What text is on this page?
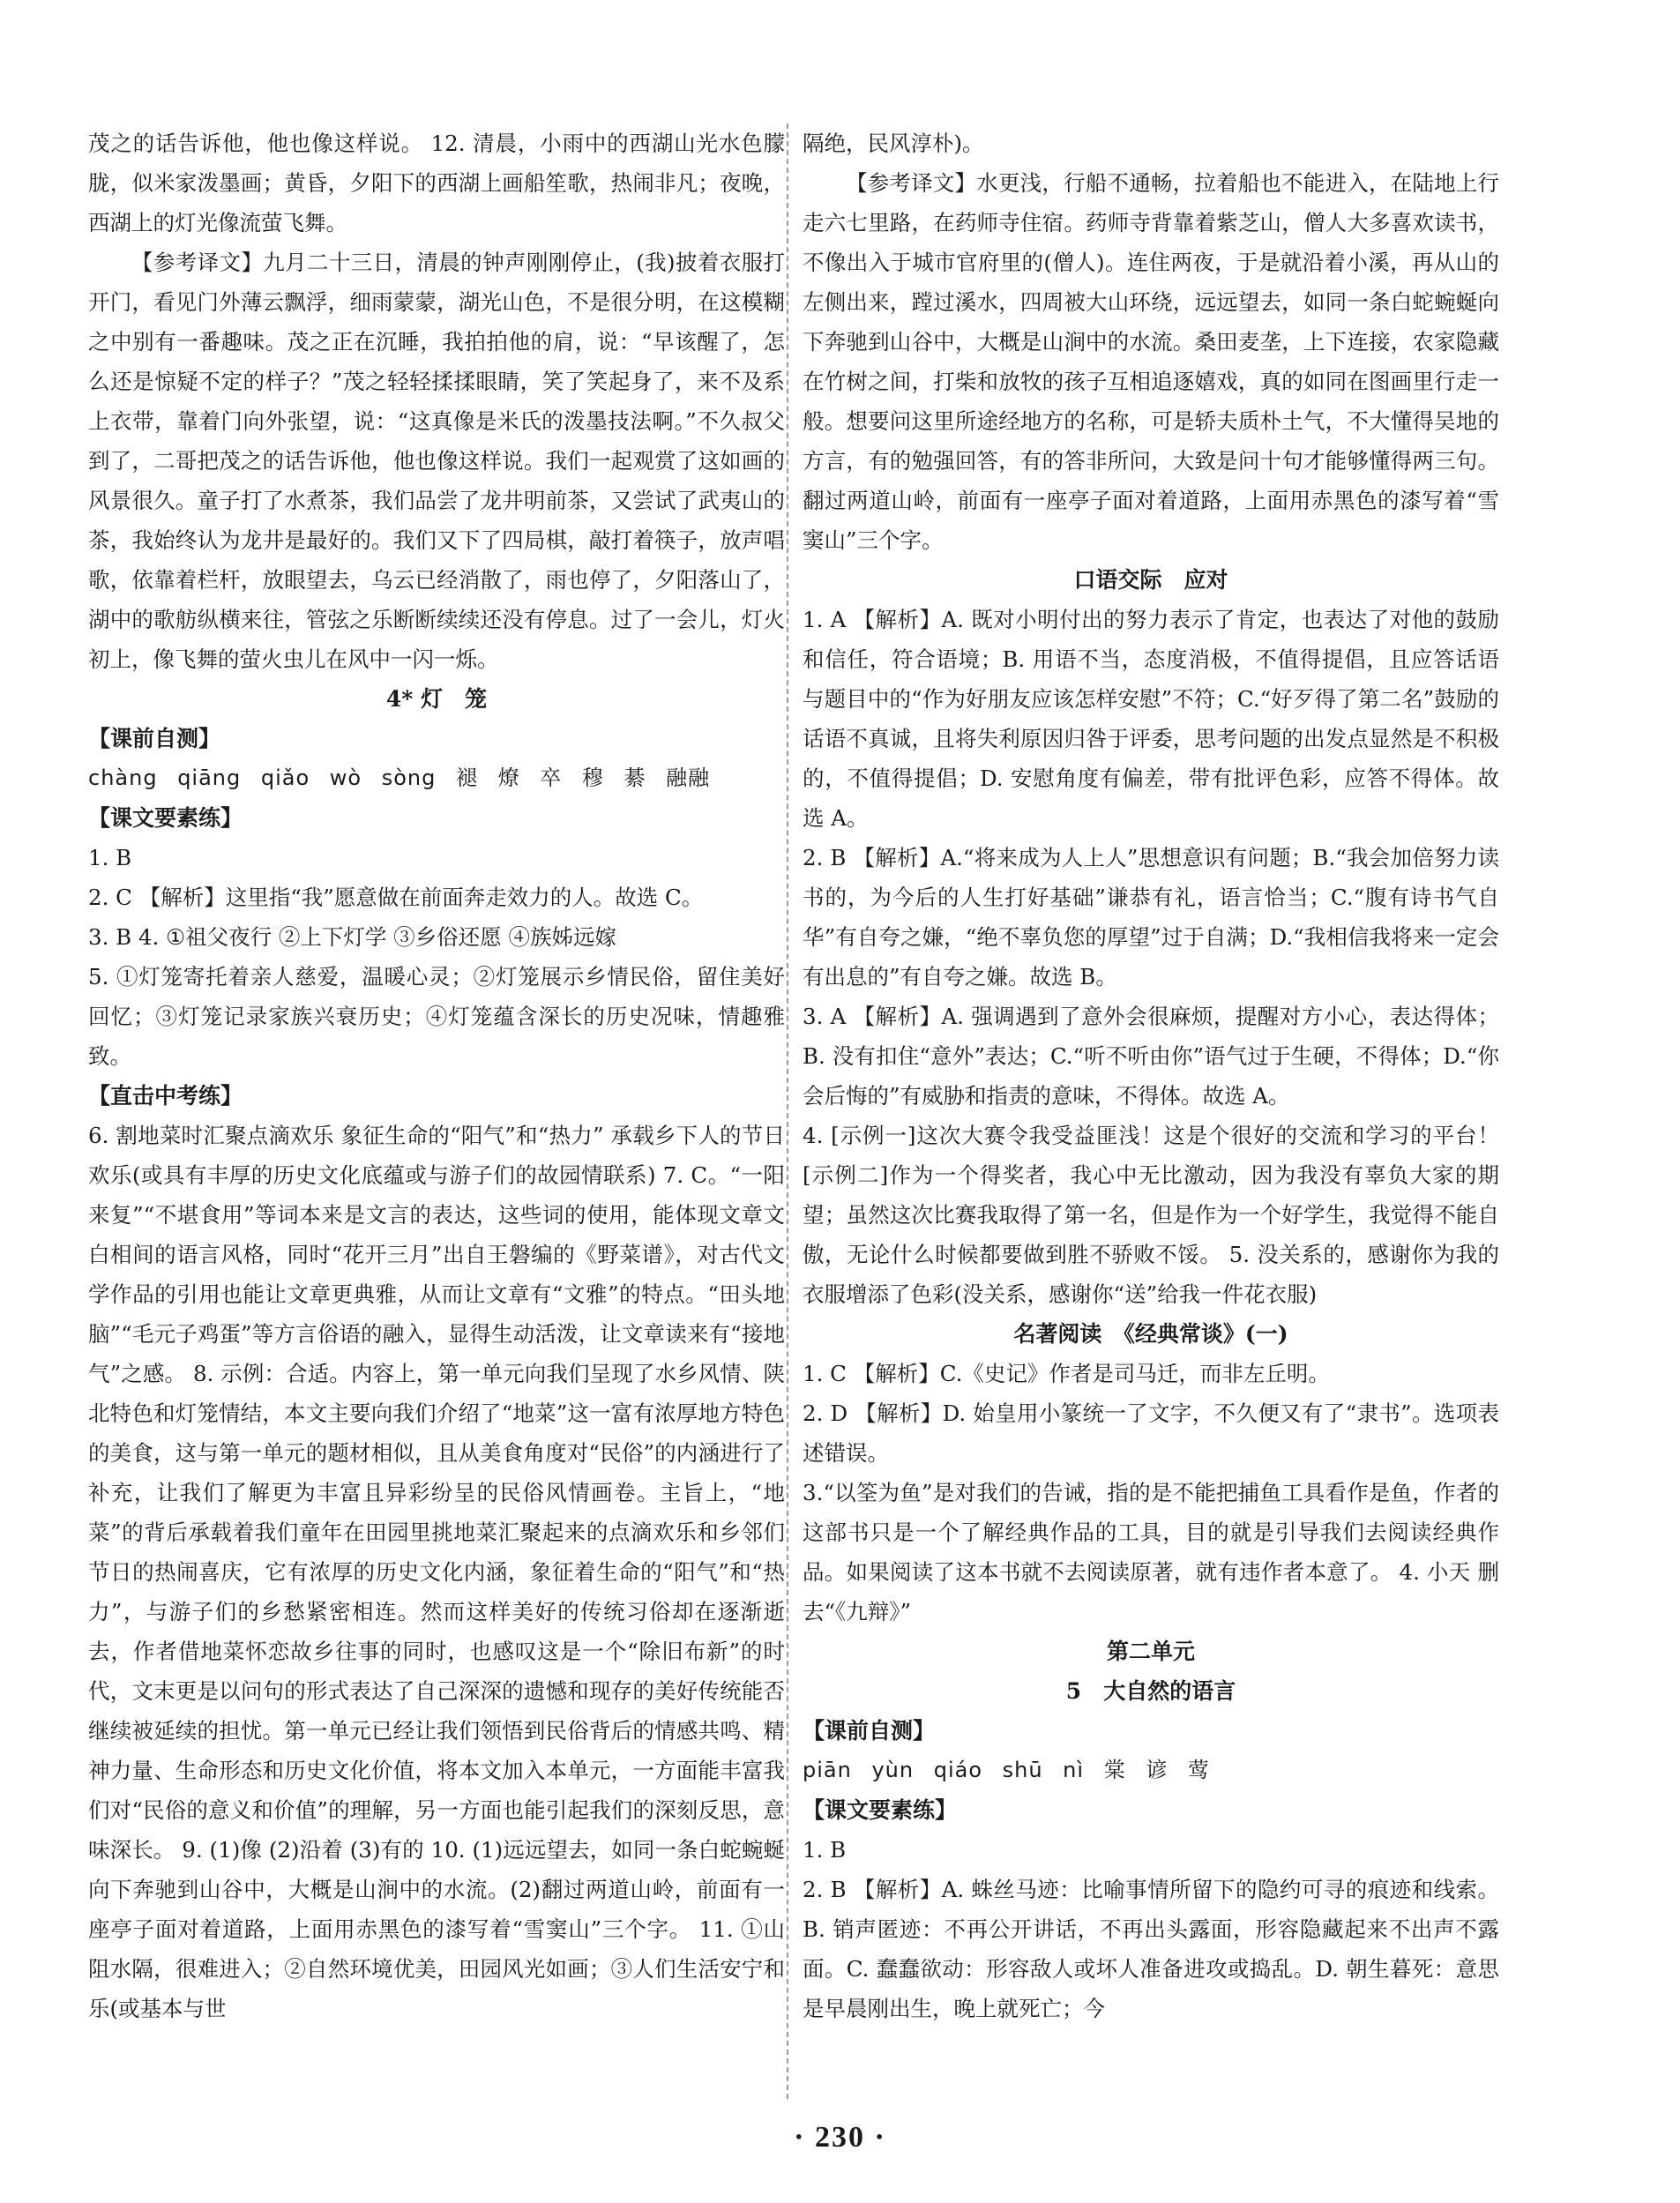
茂之的话告诉他，他也像这样说。 12. 清晨，小雨中的西湖山光水色朦胧，似米家泼墨画；黄昏，夕阳下的西湖上画船笙歌，热闹非凡；夜晚，西湖上的灯光像流萤飞舞。

【参考译文】九月二十三日，清晨的钟声刚刚停止，(我)披着衣服打开门，看见门外薄云飘浮，细雨蒙蒙，湖光山色，不是很分明，在这模糊之中别有一番趣味。茂之正在沉睡，我拍拍他的肩，说：“早该醒了，怎么还是惊疑不定的样子？”茂之轻轻揉揉眼睛，笑了笑起身了，来不及系上衣带，靠着门向外张望，说：“这真像是米氏的泼墨技法啊。”不久叔父到了，二哥把茂之的话告诉他，他也像这样说。我们一起观赏了这如画的风景很久。童子打了水煮茶，我们品尝了龙井明前茶，又尝试了武夷山的茶，我始终认为龙井是最好的。我们又下了四局棋，敲打着筷子，放声唱歌，依靠着栏杆，放眼望去，乌云已经消散了，雨也停了，夕阳落山了，湖中的歌舫纵横来往，管弦之乐断断续续还没有停息。过了一会儿，灯火初上，像飞舞的萤火虫儿在风中一闪一烁。

4* 灯　笼

【课前自测】

chàng qiāng qiǎo wò sòng 褪 燎 卒 穆 綦 融融

【课文要素练】

1. B

2. C 【解析】这里指“我”愿意做在前面奔走效力的人。故选 C。

3. B 4. ①祖父夜行 ②上下灯学 ③乡俗还愿 ④族姊远嫁

5. ①灯笼寄托着亲人慈爱，温暖心灵；②灯笼展示乡情民俗，留住美好回忆；③灯笼记录家族兴衰历史；④灯笼蕴含深长的历史况味，情趣雅致。

【直击中考练】

6. 割地菜时汇聚点滴欢乐 象征生命的“阳气”和“热力” 承载乡下人的节日欢乐(或具有丰厚的历史文化底蕴或与游子们的故园情联系) 7. C。“一阳来复”“不堪食用”等词本来是文言的表达，这些词的使用，能体现文章文白相间的语言风格，同时“花开三月”出自王磐编的《野菜谱》，对古代文学作品的引用也能让文章更典雅，从而让文章有“文雅”的特点。“田头地脑”“毛元子鸡蛋”等方言俗语的融入，显得生动活泼，让文章读来有“接地气”之感。 8. 示例：合适。内容上，第一单元向我们呈现了水乡风情、陕北特色和灯笼情结，本文主要向我们介绍了“地菜”这一富有浓厚地方特色的美食，这与第一单元的题材相似，且从美食角度对“民俗”的内涵进行了补充，让我们了解更为丰富且异彩纷呈的民俗风情画卷。主旨上，“地菜”的背后承载着我们童年在田园里挑地菜汇聚起来的点滴欢乐和乡邻们节日的热闹喜庆，它有浓厚的历史文化内涵，象征着生命的“阳气”和“热力”，与游子们的乡愁紧密相连。然而这样美好的传统习俗却在逐渐逝去，作者借地菜怀恋故乡往事的同时，也感叹这是一个“除旧布新”的时代，文末更是以问句的形式表达了自己深深的遗憾和现存的美好传统能否继续被延续的担忧。第一单元已经让我们领悟到民俗背后的情感共鸣、精神力量、生命形态和历史文化价值，将本文加入本单元，一方面能丰富我们对“民俗的意义和价值”的理解，另一方面也能引起我们的深刻反思，意味深长。 9. (1)像 (2)沿着 (3)有的 10. (1)远远望去，如同一条白蛇蜿蜒向下奔驰到山谷中，大概是山涧中的水流。(2)翻过两道山岭，前面有一座亭子面对着道路，上面用赤黑色的漆写着“雪窦山”三个字。 11. ①山阻水隔，很难进入；②自然环境优美，田园风光如画；③人们生活安宁和乐(或基本与世

隔绝，民风淳朴)。

【参考译文】水更浅，行船不通畅，拉着船也不能进入，在陆地上行走六七里路，在药师寺住宿。药师寺背靠着紫芝山，僧人大多喜欢读书，不像出入于城市官府里的(僧人)。连住两夜，于是就沿着小溪，再从山的左侧出来，蹚过溪水，四周被大山环绕，远远望去，如同一条白蛇蜿蜒向下奔驰到山谷中，大概是山涧中的水流。桑田麦垄，上下连接，农家隐藏在竹树之间，打柴和放牧的孩子互相追逐嬉戏，真的如同在图画里行走一般。想要问这里所途经地方的名称，可是轿夫质朴土气，不大懂得吴地的方言，有的勉强回答，有的答非所问，大致是问十句才能够懂得两三句。翻过两道山岭，前面有一座亭子面对着道路，上面用赤黑色的漆写着“雪窦山”三个字。

口语交际　应对

1. A 【解析】A. 既对小明付出的努力表示了肯定，也表达了对他的鼓励和信任，符合语境；B. 用语不当，态度消极，不值得提倡，且应答话语与题目中的“作为好朋友应该怎样安慰”不符；C.“好歹得了第二名”鼓励的话语不真诚，且将失利原因归咎于评委，思考问题的出发点显然是不积极的，不值得提倡；D. 安慰角度有偏差，带有批评色彩，应答不得体。故选 A。

2. B 【解析】A.“将来成为人上人”思想意识有问题；B.“我会加倍努力读书的，为今后的人生打好基础”谦恭有礼，语言恰当；C.“腹有诗书气自华”有自夸之嫌，“绝不辜负您的厚望”过于自满；D.“我相信我将来一定会有出息的”有自夸之嫌。故选 B。

3. A 【解析】A. 强调遇到了意外会很麻烦，提醒对方小心，表达得体；B. 没有扣住“意外”表达；C.“听不听由你”语气过于生硬，不得体；D.“你会后悔的”有威胁和指责的意味，不得体。故选 A。

4. [示例一]这次大赛令我受益匪浅！这是个很好的交流和学习的平台！[示例二]作为一个得奖者，我心中无比激动，因为我没有辜负大家的期望；虽然这次比赛我取得了第一名，但是作为一个好学生，我觉得不能自傲，无论什么时候都要做到胜不骄败不馁。 5. 没关系的，感谢你为我的衣服增添了色彩(没关系，感谢你“送”给我一件花衣服)

名著阅读　《经典常谈》(一)

1. C 【解析】C.《史记》作者是司马迁，而非左丘明。

2. D 【解析】D. 始皇用小篆统一了文字，不久便又有了“隶书”。选项表述错误。

3.“以筌为鱼”是对我们的告诫，指的是不能把捕鱼工具看作是鱼，作者的这部书只是一个了解经典作品的工具，目的就是引导我们去阅读经典作品。如果阅读了这本书就不去阅读原著，就有违作者本意了。 4. 小天 删去“《九辩》”

第二单元

5　大自然的语言

【课前自测】

piān yùn qiáo shū nì 棠 谚 莺

【课文要素练】

1. B

2. B 【解析】A. 蛛丝马迹：比喻事情所留下的隐约可寻的痕迹和线索。B. 销声匿迹：不再公开讲话，不再出头露面，形容隐藏起来不出声不露面。C. 蠢蠢欲动：形容敌人或坏人准备进攻或捣乱。D. 朝生暮死：意思是早晨刚出生，晚上就死亡；今

· 230 ·
